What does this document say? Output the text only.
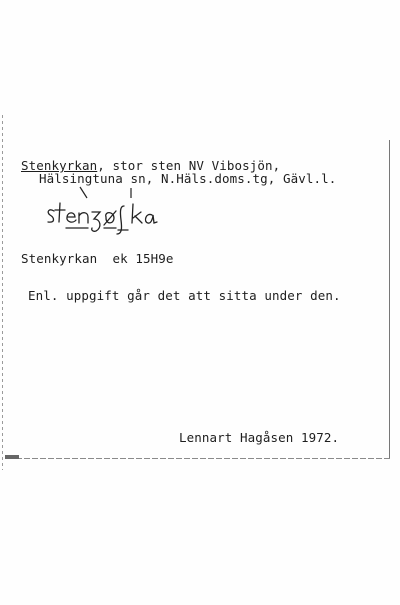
Stenkyrkan, stor sten NV Vibosjön,
Hälsingtuna sn, N.Häls.doms.tg, Gävl.l.
Stenkyrkan  ek 15H9e
Enl. uppgift går det att sitta under den.
Lennart Hagåsen 1972.
